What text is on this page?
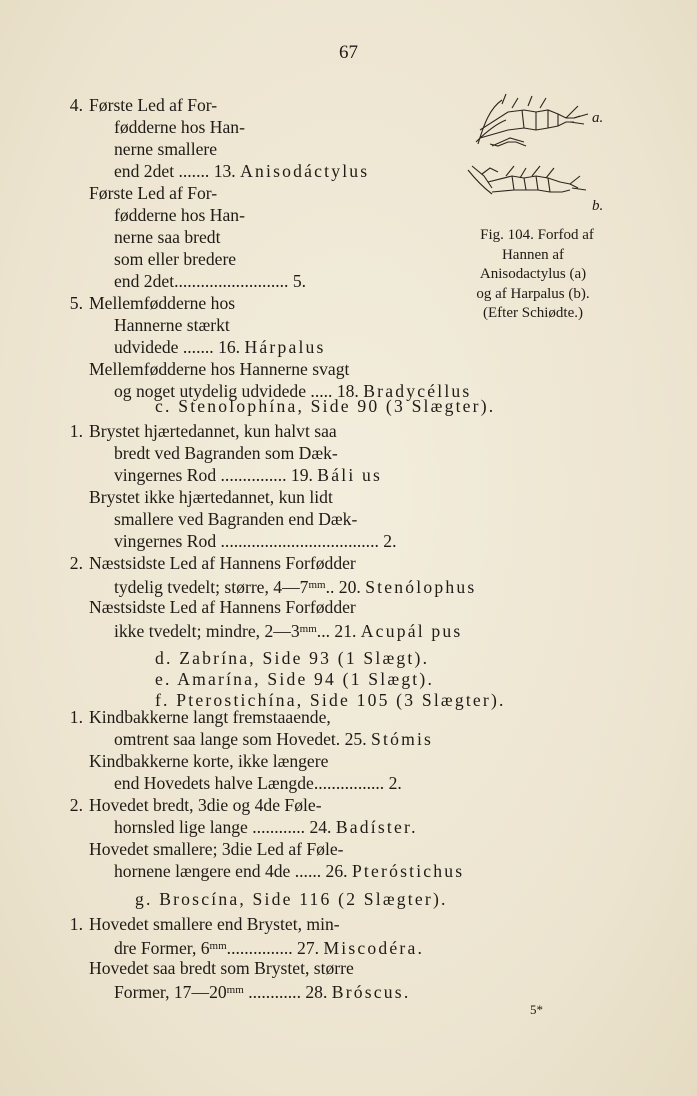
67
4. Første Led af For-
fødderne hos Han-
nerne smallere
end 2det ....... 13. Anisodáctylus
Første Led af For-
fødderne hos Han-
nerne saa bredt
som eller bredere
end 2det.......................... 5.
5. Mellemfødderne hos
Hannerne stærkt
udvidede ....... 16. Hárpalus
Mellemfødderne hos Hannerne svagt
og noget utydelig udvidede ..... 18. Bradycéllus
a.
b.
Fig. 104. Forfod af
Hannen af
Anisodactylus (a)
og af Harpalus (b).
(Efter Schiødte.)
c. Stenolophína, Side 90 (3 Slægter).
1. Brystet hjærtedannet, kun halvt saa
bredt ved Bagranden som Dæk-
vingernes Rod ............... 19. Báli us
Brystet ikke hjærtedannet, kun lidt
smallere ved Bagranden end Dæk-
vingernes Rod .................................... 2.
2. Næstsidste Led af Hannens Forfødder
tydelig tvedelt; større, $4—7^{mm}$.. 20. Stenólophus
Næstsidste Led af Hannens Forfødder
ikke tvedelt; mindre, $2—3^{mm}$... 21. Acupál pus
d. Zabrína, Side 93 (1 Slægt).
e. Amarína, Side 94 (1 Slægt).
f. Pterostichína, Side 105 (3 Slægter).
1. Kindbakkerne langt fremstaaende,
omtrent saa lange som Hovedet. 25. Stómis
Kindbakkerne korte, ikke længere
end Hovedets halve Længde................ 2.
2. Hovedet bredt, 3die og 4de Føle-
hornsled lige lange ............ 24. Badíster.
Hovedet smallere; 3die Led af Føle-
hornene længere end 4de ...... 26. Pteróstichus
g. Broscína, Side 116 (2 Slægter).
1. Hovedet smallere end Brystet, min-
dre Former, $6^{mm}$............... 27. Miscodéra.
Hovedet saa bredt som Brystet, større
Former, $17—20^{mm}$ ............ 28. Bróscus.
5*
